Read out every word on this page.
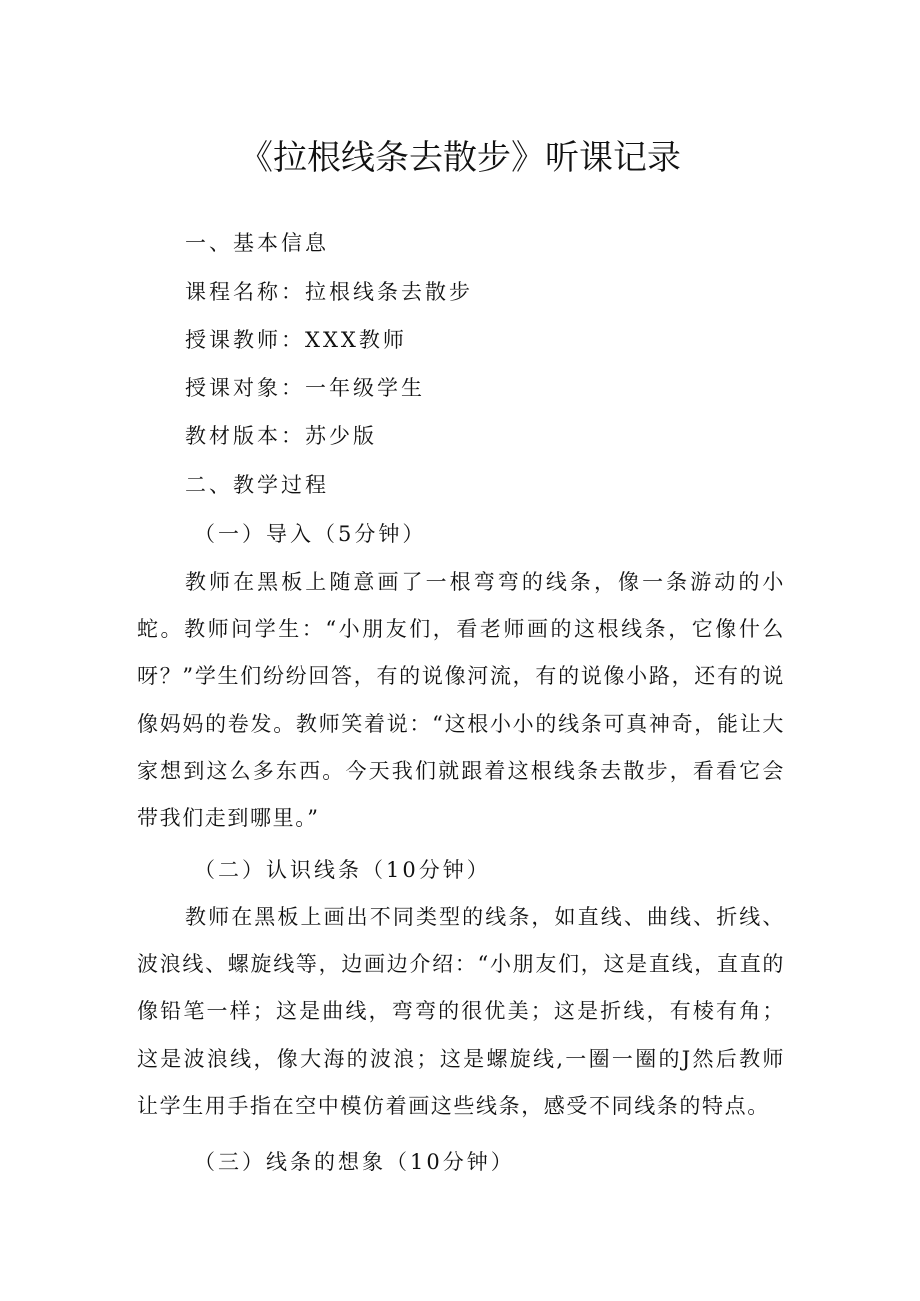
《拉根线条去散步》听课记录

一、基本信息

课程名称：拉根线条去散步

授课教师：XXX教师

授课对象：一年级学生

教材版本：苏少版

二、教学过程

（一）导入（5分钟）

教师在黑板上随意画了一根弯弯的线条，像一条游动的小蛇。教师问学生：“小朋友们，看老师画的这根线条，它像什么呀？”学生们纷纷回答，有的说像河流，有的说像小路，还有的说像妈妈的卷发。教师笑着说：“这根小小的线条可真神奇，能让大家想到这么多东西。今天我们就跟着这根线条去散步，看看它会带我们走到哪里。”

（二）认识线条（10分钟）

教师在黑板上画出不同类型的线条，如直线、曲线、折线、波浪线、螺旋线等，边画边介绍：“小朋友们，这是直线，直直的像铅笔一样；这是曲线，弯弯的很优美；这是折线，有棱有角；这是波浪线，像大海的波浪；这是螺旋线,一圈一圈的J然后教师让学生用手指在空中模仿着画这些线条，感受不同线条的特点。

（三）线条的想象（10分钟）
